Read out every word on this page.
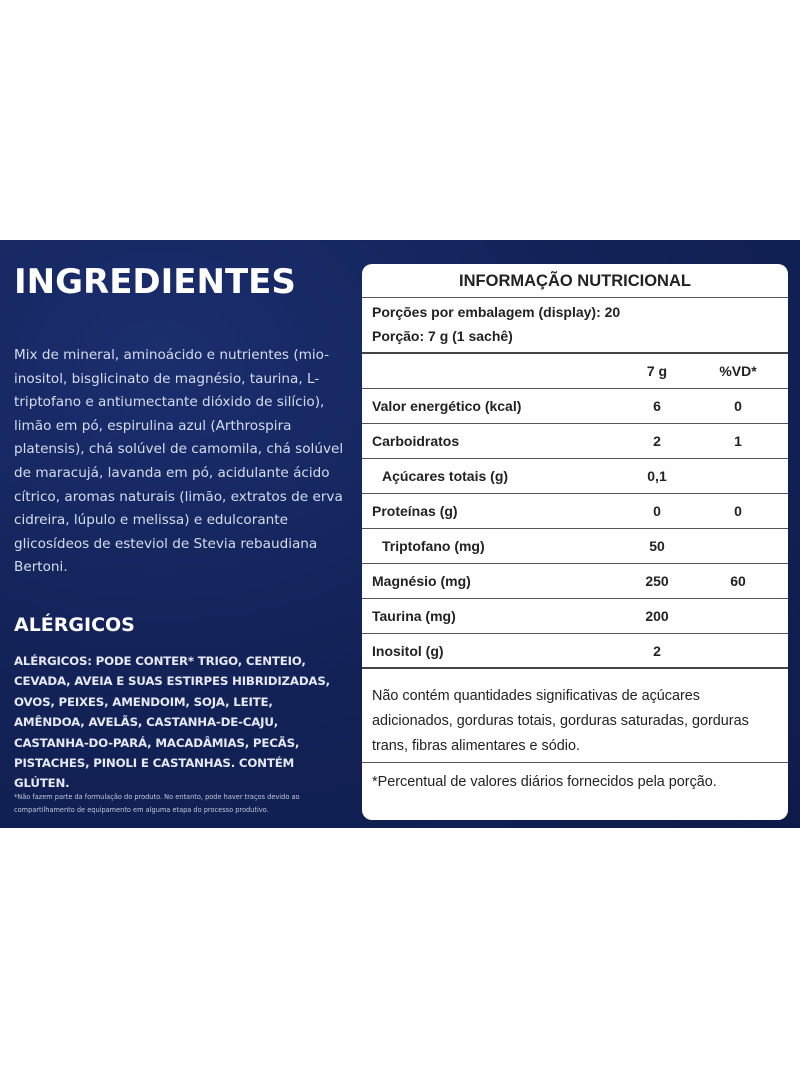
INGREDIENTES
Mix de mineral, aminoácido e nutrientes (mio-inositol, bisglicinato de magnésio, taurina, L-triptofano e antiumectante dióxido de silício), limão em pó, espirulina azul (Arthrospira platensis), chá solúvel de camomila, chá solúvel de maracujá, lavanda em pó, acidulante ácido cítrico, aromas naturais (limão, extratos de erva cidreira, lúpulo e melissa) e edulcorante glicosídeos de esteviol de Stevia rebaudiana Bertoni.
ALÉRGICOS
ALÉRGICOS: PODE CONTER* TRIGO, CENTEIO, CEVADA, AVEIA E SUAS ESTIRPES HIBRIDIZADAS, OVOS, PEIXES, AMENDOIM, SOJA, LEITE, AMÊNDOA, AVELÃS, CASTANHA-DE-CAJU, CASTANHA-DO-PARÁ, MACADÂMIAS, PECÃS, PISTACHES, PINOLI E CASTANHAS. CONTÉM GLÚTEN.
*Não fazem parte da formulação do produto. No entanto, pode haver traços devido ao compartilhamento de equipamento em alguma etapa do processo produtivo.
INFORMAÇÃO NUTRICIONAL
Porções por embalagem (display): 20
Porção: 7 g (1 sachê)
7 g	%VD*
Valor energético (kcal)	6	0
Carboidratos	2	1
Açúcares totais (g)	0,1
Proteínas (g)	0	0
Triptofano (mg)	50
Magnésio (mg)	250	60
Taurina (mg)	200
Inositol (g)	2
Não contém quantidades significativas de açúcares adicionados, gorduras totais, gorduras saturadas, gorduras trans, fibras alimentares e sódio.
*Percentual de valores diários fornecidos pela porção.
